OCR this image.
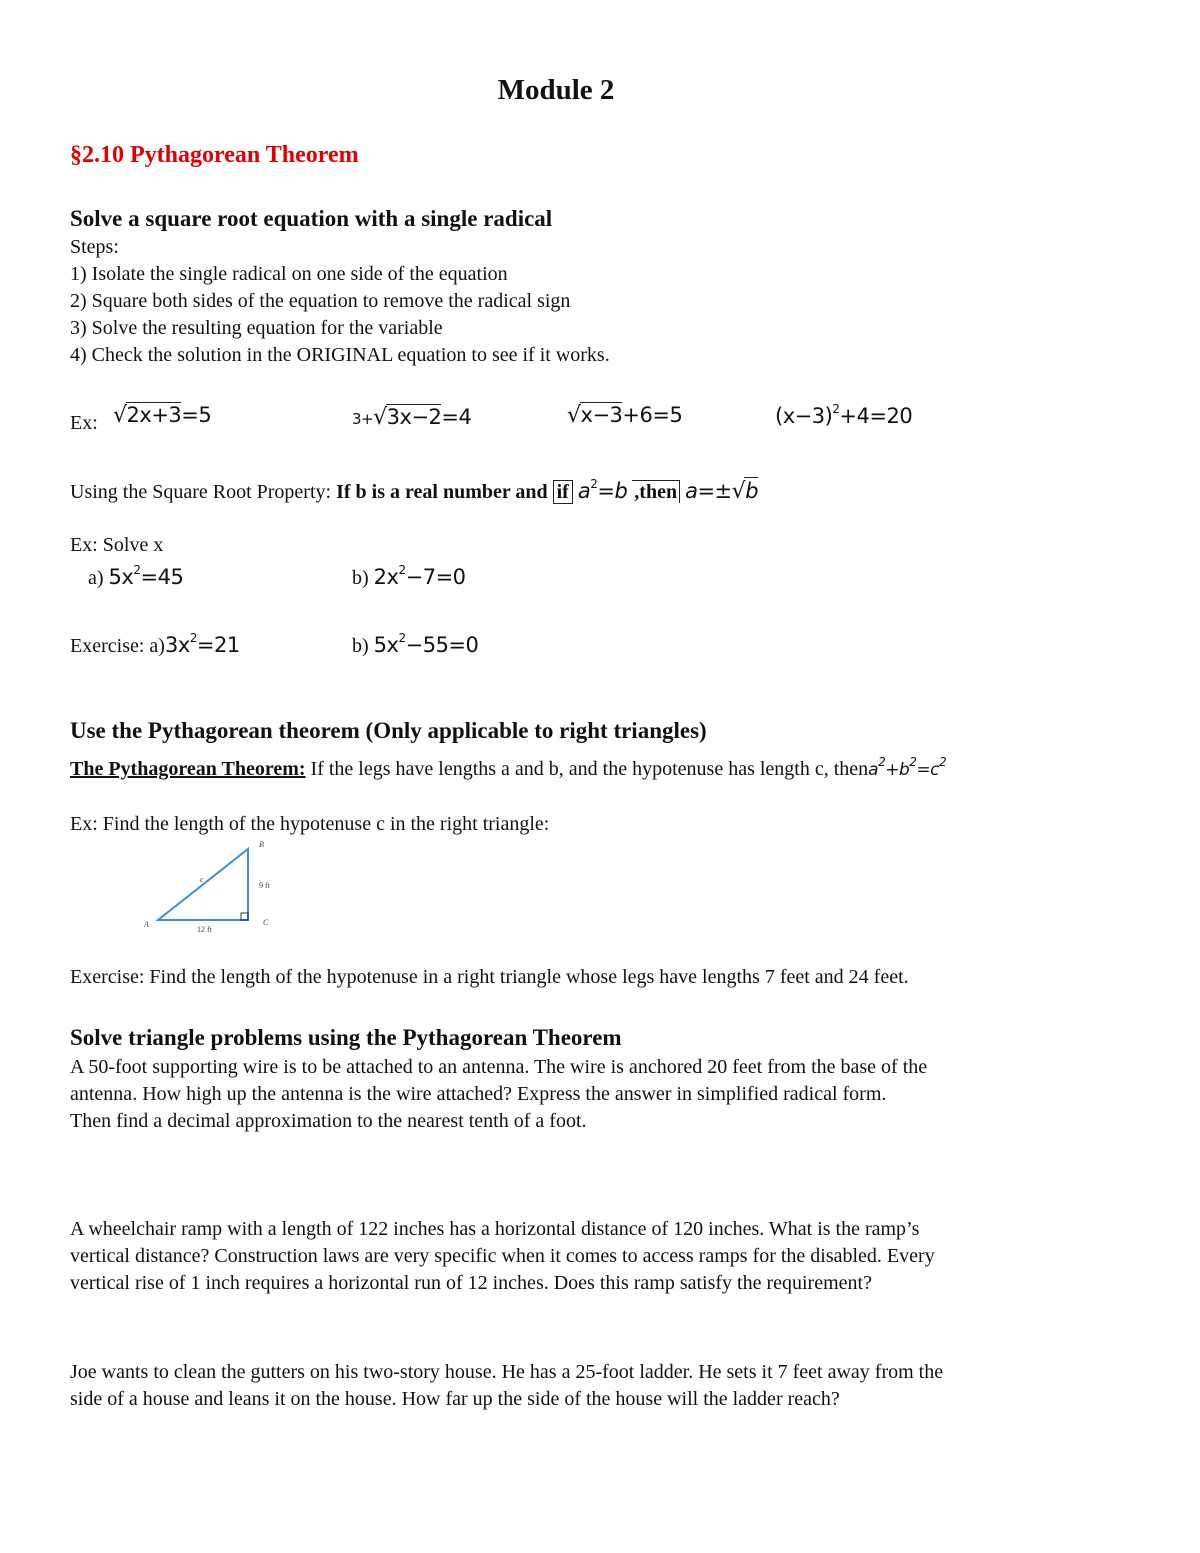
Module 2
§2.10 Pythagorean Theorem
Solve a square root equation with a single radical
Steps:
1) Isolate the single radical on one side of the equation
2) Square both sides of the equation to remove the radical sign
3) Solve the resulting equation for the variable
4) Check the solution in the ORIGINAL equation to see if it works.
Ex: √2x+3=5	3+√3x−2=4	√x−3+6=5	$(x-3)^2+4=20$
Using the Square Root Property: If b is a real number and if $a^2=b$ ,then a=±√b
Ex: Solve x
a) $5x^2=45$	b) $2x^2-7=0$
Exercise: $a)3x^2=21$	b) $5x^2-55=0$
Use the Pythagorean theorem (Only applicable to right triangles)
The Pythagorean Theorem: If the legs have lengths a and b, and the hypotenuse has length c, $thena^2+b^2=c^2$
Ex: Find the length of the hypotenuse c in the right triangle:
B
A	C
c
9 ft
12 ft
Exercise: Find the length of the hypotenuse in a right triangle whose legs have lengths 7 feet and 24 feet.
Solve triangle problems using the Pythagorean Theorem
A 50-foot supporting wire is to be attached to an antenna. The wire is anchored 20 feet from the base of the
antenna. How high up the antenna is the wire attached? Express the answer in simplified radical form.
Then find a decimal approximation to the nearest tenth of a foot.
A wheelchair ramp with a length of 122 inches has a horizontal distance of 120 inches. What is the ramp’s
vertical distance? Construction laws are very specific when it comes to access ramps for the disabled. Every
vertical rise of 1 inch requires a horizontal run of 12 inches. Does this ramp satisfy the requirement?
Joe wants to clean the gutters on his two-story house. He has a 25-foot ladder. He sets it 7 feet away from the
side of a house and leans it on the house. How far up the side of the house will the ladder reach?
